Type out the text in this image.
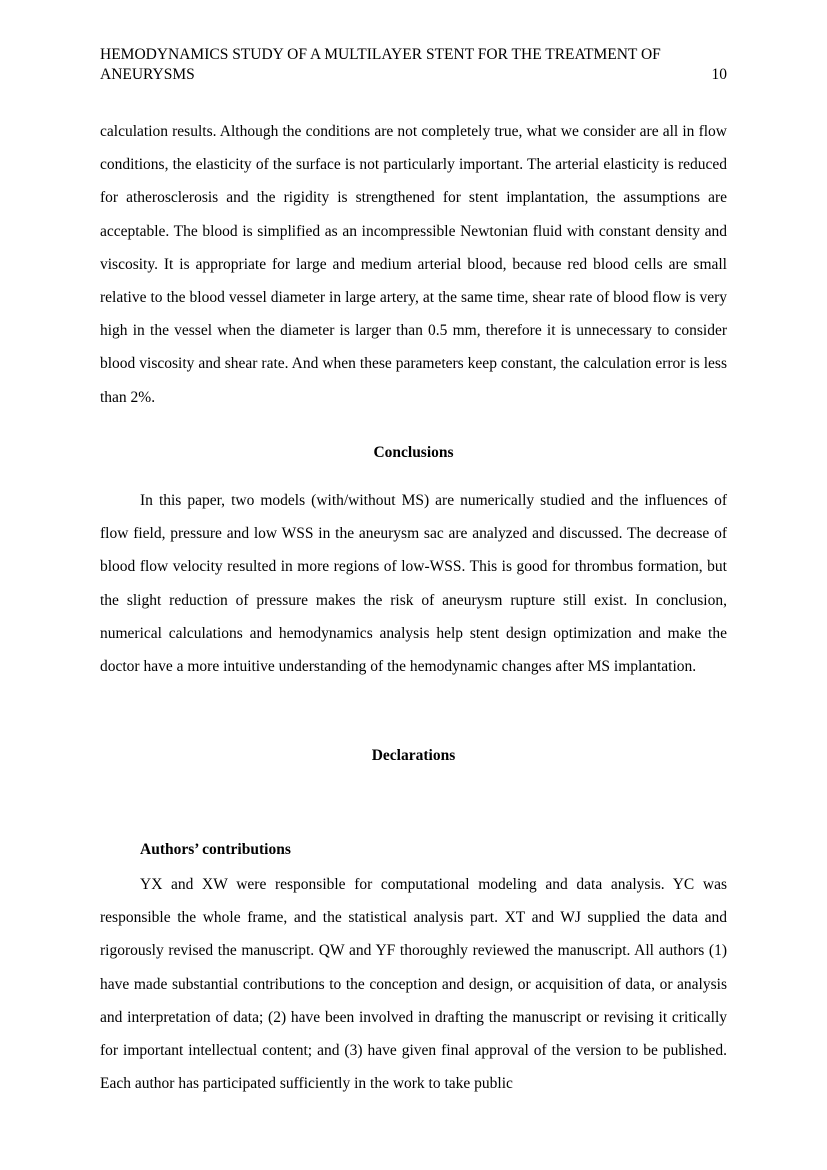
HEMODYNAMICS STUDY OF A MULTILAYER STENT FOR THE TREATMENT OF ANEURYSMS	10

calculation results. Although the conditions are not completely true, what we consider are all in flow conditions, the elasticity of the surface is not particularly important. The arterial elasticity is reduced for atherosclerosis and the rigidity is strengthened for stent implantation, the assumptions are acceptable. The blood is simplified as an incompressible Newtonian fluid with constant density and viscosity. It is appropriate for large and medium arterial blood, because red blood cells are small relative to the blood vessel diameter in large artery, at the same time, shear rate of blood flow is very high in the vessel when the diameter is larger than 0.5 mm, therefore it is unnecessary to consider blood viscosity and shear rate. And when these parameters keep constant, the calculation error is less than 2%.

Conclusions

In this paper, two models (with/without MS) are numerically studied and the influences of flow field, pressure and low WSS in the aneurysm sac are analyzed and discussed. The decrease of blood flow velocity resulted in more regions of low-WSS. This is good for thrombus formation, but the slight reduction of pressure makes the risk of aneurysm rupture still exist. In conclusion, numerical calculations and hemodynamics analysis help stent design optimization and make the doctor have a more intuitive understanding of the hemodynamic changes after MS implantation.

Declarations
Authors’ contributions

YX and XW were responsible for computational modeling and data analysis. YC was responsible the whole frame, and the statistical analysis part. XT and WJ supplied the data and rigorously revised the manuscript. QW and YF thoroughly reviewed the manuscript. All authors (1) have made substantial contributions to the conception and design, or acquisition of data, or analysis and interpretation of data; (2) have been involved in drafting the manuscript or revising it critically for important intellectual content; and (3) have given final approval of the version to be published. Each author has participated sufficiently in the work to take public
